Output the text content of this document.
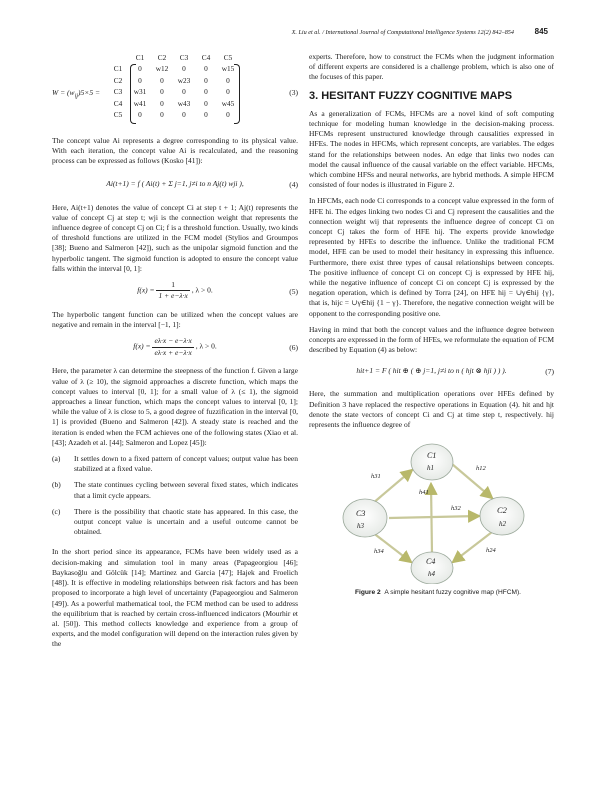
X. Liu et al. / International Journal of Computational Intelligence Systems 12(2) 842–854	845
$W = (w_{ij})5\times 5$ =
C1	C2	C3	C4	C5
C1	0	w12	0	0	w15
C2	0	0	w23	0	0
C3	w31	0	0	0	0
C4	w41	0	w43	0	w45
C5	0	0	0	0	0
(3)

The concept value Ai represents a degree corresponding to its physical value. With each iteration, the concept value Ai is recalculated, and the reasoning process can be expressed as follows (Kosko [41]):

Ai(t+1) = f ( Ai(t) + Σ j=1, j≠i to n Aj(t) wji ),	(4)

Here, Ai(t+1) denotes the value of concept Ci at step t + 1; Aj(t) represents the value of concept Cj at step t; wji is the connection weight that represents the influence degree of concept Cj on Ci; f is a threshold function. Usually, two kinds of threshold functions are utilized in the FCM model (Stylios and Groumpos [38]; Bueno and Salmeron [42]), such as the unipolar sigmoid function and the hyperbolic tangent. The sigmoid function is adopted to ensure the concept value falls within the interval [0, 1]:

$f(x) = \frac{1}{1 + e-\lambda\cdot x}$ , λ > 0.	(5)

The hyperbolic tangent function can be utilized when the concept values are negative and remain in the interval [−1, 1]:

$f(x) = \frac{e\lambda\cdot x - e-\lambda\cdot x}{e\lambda\cdot x + e-\lambda\cdot x}$ , λ > 0.	(6)

Here, the parameter λ can determine the steepness of the function f. Given a large value of λ (≥ 10), the sigmoid approaches a discrete function, which maps the concept values to interval [0, 1]; for a small value of λ (≤ 1), the sigmoid approaches a linear function, which maps the concept values to interval [0, 1]; while the value of λ is close to 5, a good degree of fuzzification in the interval [0, 1] is provided (Bueno and Salmeron [42]). A steady state is reached and the iteration is ended when the FCM achieves one of the following states (Xiao et al. [43]; Azadeh et al. [44]; Salmeron and Lopez [45]):

(a) It settles down to a fixed pattern of concept values; output value has been stabilized at a fixed value.
(b) The state continues cycling between several fixed states, which indicates that a limit cycle appears.
(c) There is the possibility that chaotic state has appeared. In this case, the output concept value is uncertain and a useful outcome cannot be obtained.

In the short period since its appearance, FCMs have been widely used as a decision-making and simulation tool in many areas (Papageorgiou [46]; Baykasoğlu and Gölcük [14]; Martinez and Garcia [47]; Hajek and Froelich [48]). It is effective in modeling relationships between risk factors and has been proposed to incorporate a high level of uncertainty (Papageorgiou and Salmeron [49]). As a powerful mathematical tool, the FCM method can be used to address the equilibrium that is reached by certain cross-influenced indicators (Mourhir et al. [50]). This method collects knowledge and experience from a group of experts, and the model configuration will depend on the interaction rules given by the

experts. Therefore, how to construct the FCMs when the judgment information of different experts are considered is a challenge problem, which is also one of the focuses of this paper.

3. HESITANT FUZZY COGNITIVE MAPS

As a generalization of FCMs, HFCMs are a novel kind of soft computing technique for modeling human knowledge in the decision-making process. HFCMs represent unstructured knowledge through causalities expressed in HFEs. The nodes in HFCMs, which represent concepts, are variables. The edges stand for the relationships between nodes. An edge that links two nodes can model the causal influence of the causal variable on the effect variable. HFCMs, which combine HFSs and neural networks, are hybrid methods. A simple HFCM consisted of four nodes is illustrated in Figure 2.

In HFCMs, each node Ci corresponds to a concept value expressed in the form of HFE hi. The edges linking two nodes Ci and Cj represent the causalities and the connection weight wij that represents the influence degree of concept Ci on concept Cj takes the form of HFE hij. The experts provide knowledge represented by HFEs to describe the influence. Unlike the traditional FCM model, HFE can be used to model their hesitancy in expressing this influence. Furthermore, there exist three types of causal relationships between concepts. The positive influence of concept Ci on concept Cj is expressed by HFE hij, while the negative influence of concept Ci on concept Cj is expressed by the negation operation, which is defined by Torra [24], on HFE hij = ∪γ∈hij {γ}, that is, hijc = ∪γ∈hij {1 − γ}. Therefore, the negative connection weight will be opponent to the corresponding positive one.

Having in mind that both the concept values and the influence degree between concepts are expressed in the form of HFEs, we reformulate the equation of FCM described by Equation (4) as below:

hit+1 = F ( hit ⊕ ( ⊕ j=1, j≠i to n ( hjt ⊗ hji ) ) ).	(7)

Here, the summation and multiplication operations over HFEs defined by Definition 3 have replaced the respective operations in Equation (4). hit and hjt denote the state vectors of concept Ci and Cj at time step t, respectively. hij represents the influence degree of

C1
h1
C2
h2
C3
h3
C4
h4
h12
h31
h41
h32
h24
h34
Figure 2 A simple hesitant fuzzy cognitive map (HFCM).
